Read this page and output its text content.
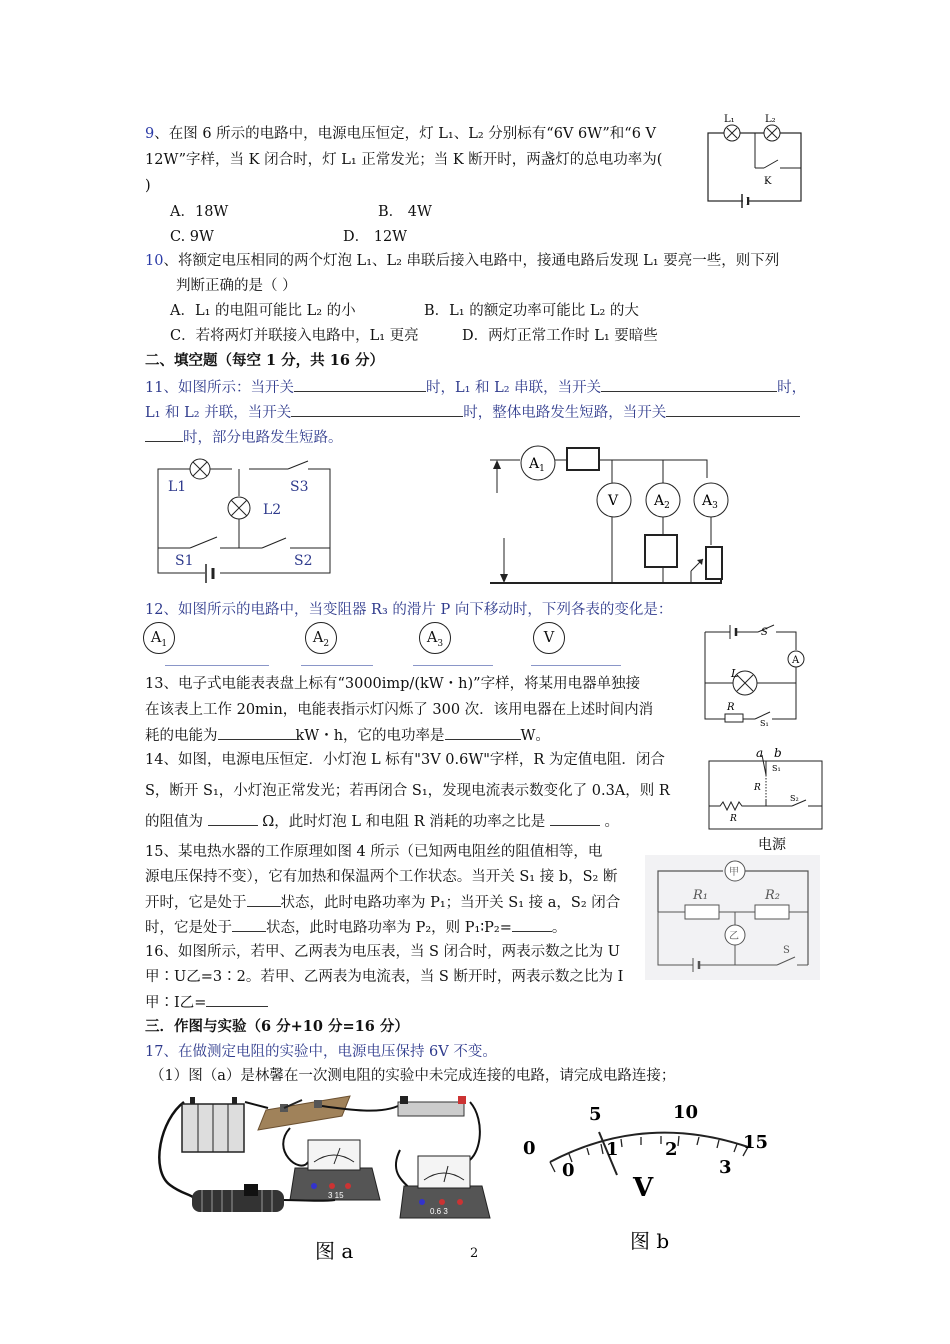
9、在图 6 所示的电路中，电源电压恒定，灯 L₁、L₂ 分别标有“6V 6W”和“6 V
12W”字样，当 K 闭合时，灯 L₁ 正常发光；当 K 断开时，两盏灯的总电功率为(
)
A．18W	B． 4W
C. 9W	D． 12W
L₁	L₂
K
10、将额定电压相同的两个灯泡 L₁、L₂ 串联后接入电路中，接通电路后发现 L₁ 要亮一些，则下列
判断正确的是（ ）
A．L₁ 的电阻可能比 L₂ 的小	B．L₁ 的额定功率可能比 L₂ 的大
C．若将两灯并联接入电路中，L₁ 更亮	D．两灯正常工作时 L₁ 要暗些
二、填空题（每空 1 分，共 16 分）
11、如图所示：当开关	时，L₁ 和 L₂ 串联，当开关	时，
L₁ 和 L₂ 并联，当开关	时，整体电路发生短路，当开关
时，部分电路发生短路。
L1
L2
S3
S1	S2
$A_1$
V	$A_2$ $A_3$
12、如图所示的电路中，当变阻器 R₃ 的滑片 P 向下移动时，下列各表的变化是：
$A_1$	$A_2$	$A_3$	V
A
S
L
R
S₁
13、电子式电能表表盘上标有“3000imp/(kW・h)”字样，将某用电器单独接
在该表上工作 20min，电能表指示灯闪烁了 300 次．该用电器在上述时间内消
耗的电能为	kW・h，它的电功率是	W。
14、如图，电源电压恒定．小灯泡 L 标有"3V 0.6W"字样，R 为定值电阻．闭合
S，断开 S₁，小灯泡正常发光；若再闭合 S₁，发现电流表示数变化了 0.3A，则 R
的阻值为	Ω，此时灯泡 L 和电阻 R 消耗的功率之比是	。
a b
S₁
R
R
S₂
电源
15、某电热水器的工作原理如图 4 所示（已知两电阻丝的阻值相等，电
源电压保持不变），它有加热和保温两个工作状态。当开关 S₁ 接 b，S₂ 断
开时，它是处于 状态，此时电路功率为 P₁；当开关 S₁ 接 a，S₂ 闭合
时，它是处于 状态，此时电路功率为 P₂，则 P₁∶P₂=	。
甲
R₁	R₂
乙
S
16、如图所示，若甲、乙两表为电压表，当 S 闭合时，两表示数之比为 U
甲∶U乙=3∶2。若甲、乙两表为电流表，当 S 断开时，两表示数之比为 I
甲∶I乙=
三．作图与实验（6 分+10 分=16 分）
17、在做测定电阻的实验中，电源电压保持 6V 不变。
（1）图（a）是林馨在一次测电阻的实验中未完成连接的电路，请完成电路连接；
3 15
0.6 3
图 a
0
5	10
15
0
1	2
3
V
图 b
2
